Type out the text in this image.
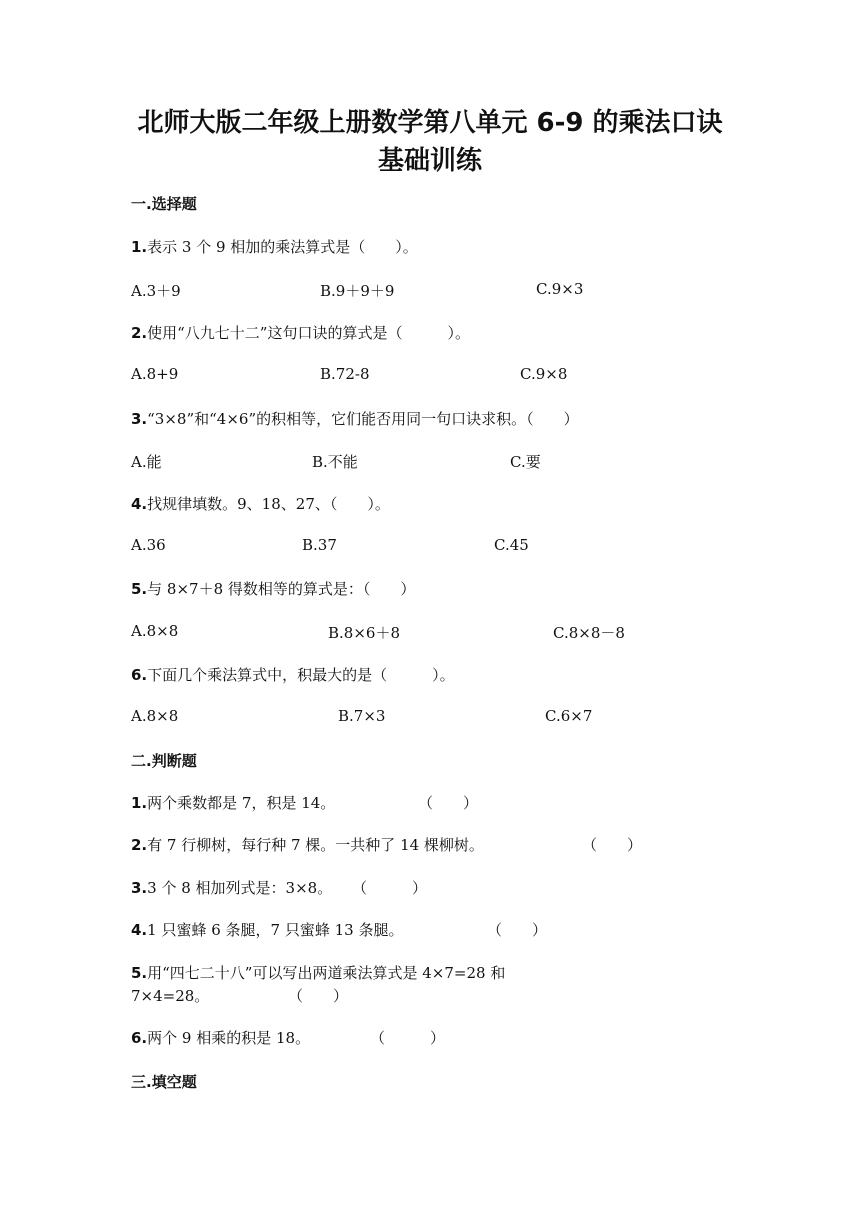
北师大版二年级上册数学第八单元 6-9 的乘法口诀
基础训练
一.选择题
1.表示 3 个 9 相加的乘法算式是（　　）。
A.3＋9	B.9＋9＋9	C.9×3
2.使用“八九七十二”这句口诀的算式是（　　　）。
A.8+9	B.72-8	C.9×8
3.“3×8”和“4×6”的积相等，它们能否用同一句口诀求积。（　　）
A.能	B.不能	C.要
4.找规律填数。9、18、27、（　　）。
A.36	B.37	C.45
5.与 8×7＋8 得数相等的算式是：（　　）
A.8×8	B.8×6＋8	C.8×8－8
6.下面几个乘法算式中，积最大的是（　　　）。
A.8×8	B.7×3	C.6×7
二.判断题
1.两个乘数都是 7，积是 14。	（　　）
2.有 7 行柳树，每行种 7 棵。一共种了 14 棵柳树。	（　　）
3.3 个 8 相加列式是：3×8。 （　　　）
4.1 只蜜蜂 6 条腿，7 只蜜蜂 13 条腿。	（　　）
5.用“四七二十八”可以写出两道乘法算式是 4×7=28 和
7×4=28。	（　　）
6.两个 9 相乘的积是 18。	（　　　）
三.填空题
